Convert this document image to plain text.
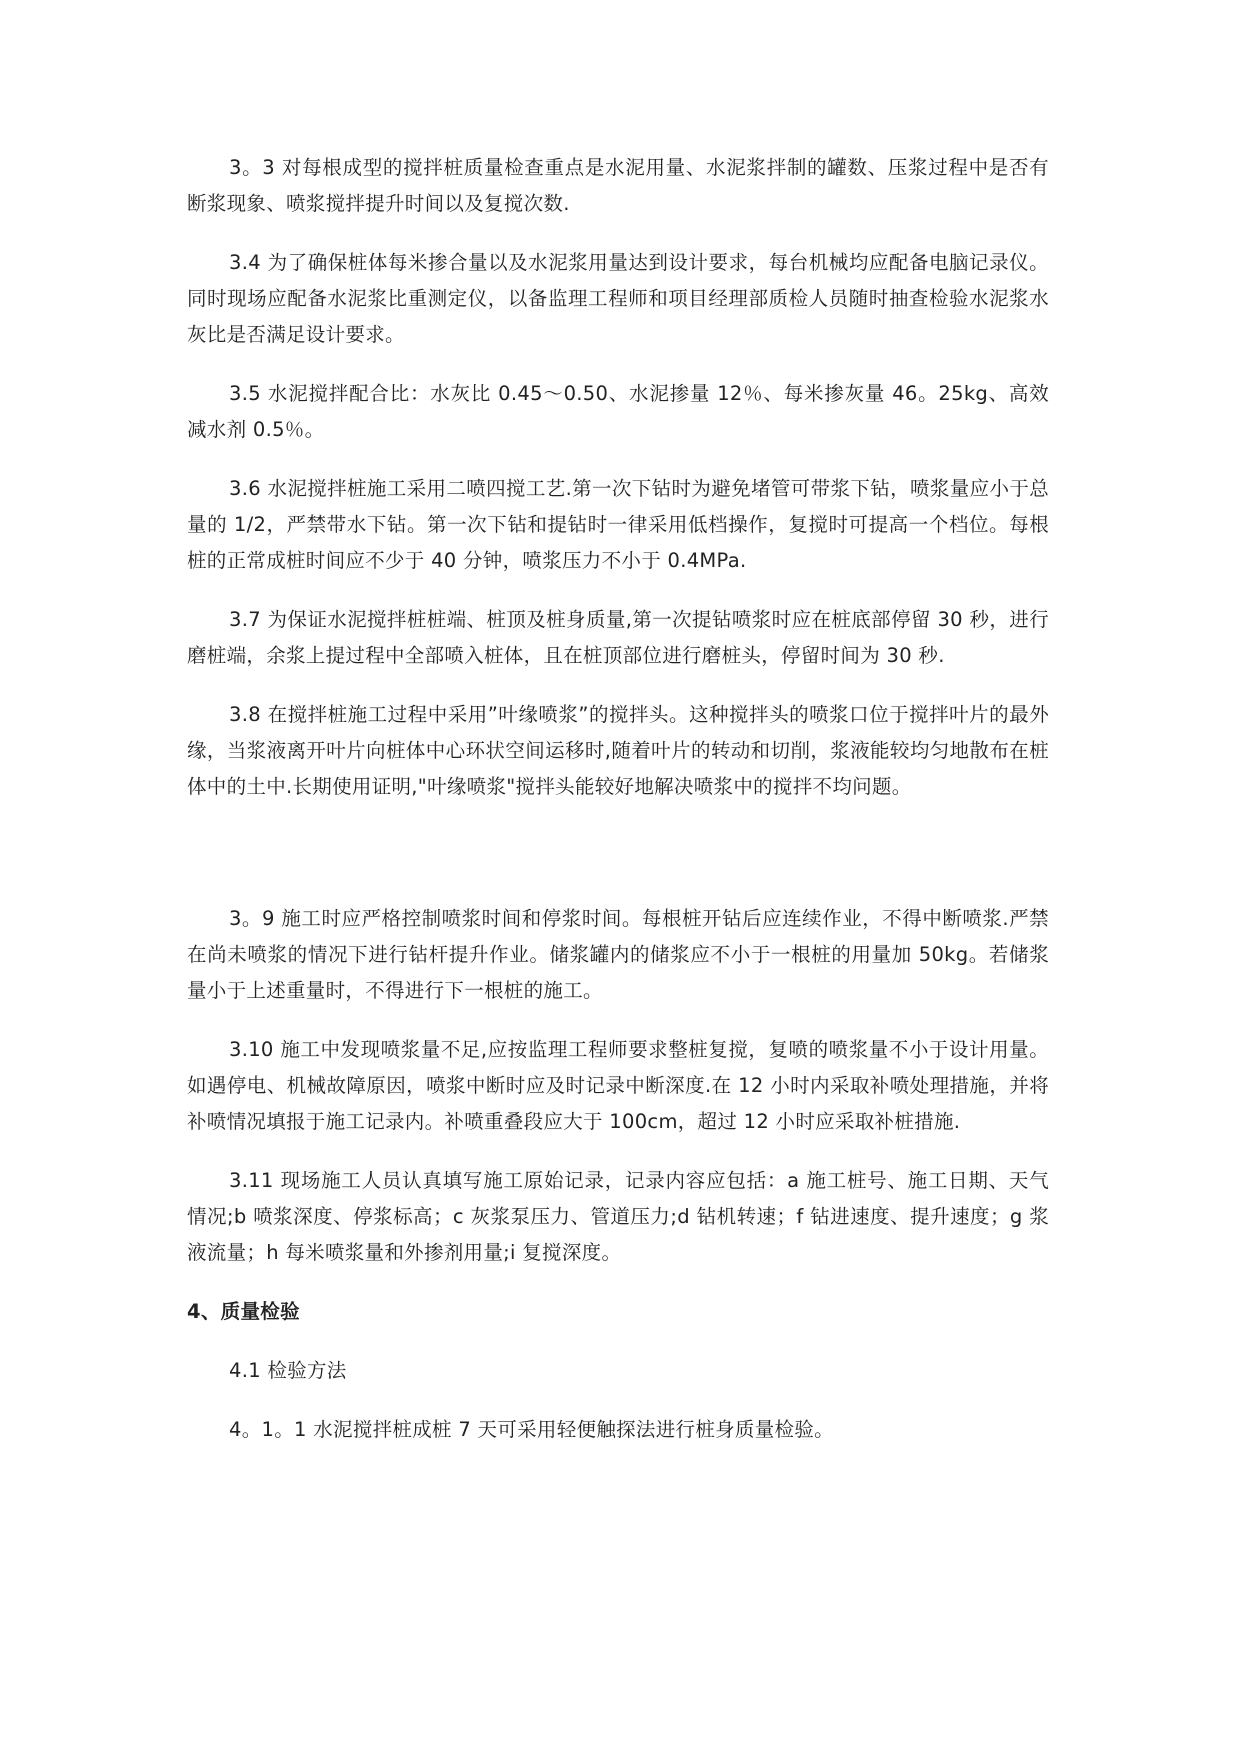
3。3 对每根成型的搅拌桩质量检查重点是水泥用量、水泥浆拌制的罐数、压浆过程中是否有断浆现象、喷浆搅拌提升时间以及复搅次数.

3.4 为了确保桩体每米掺合量以及水泥浆用量达到设计要求，每台机械均应配备电脑记录仪。同时现场应配备水泥浆比重测定仪，以备监理工程师和项目经理部质检人员随时抽查检验水泥浆水灰比是否满足设计要求。

3.5 水泥搅拌配合比：水灰比 0.45～0.50、水泥掺量 12％、每米掺灰量 46。25kg、高效减水剂 0.5％。

3.6 水泥搅拌桩施工采用二喷四搅工艺.第一次下钻时为避免堵管可带浆下钻，喷浆量应小于总量的 1/2，严禁带水下钻。第一次下钻和提钻时一律采用低档操作，复搅时可提高一个档位。每根桩的正常成桩时间应不少于 40 分钟，喷浆压力不小于 0.4MPa.

3.7 为保证水泥搅拌桩桩端、桩顶及桩身质量,第一次提钻喷浆时应在桩底部停留 30 秒，进行磨桩端，余浆上提过程中全部喷入桩体，且在桩顶部位进行磨桩头，停留时间为 30 秒.

3.8 在搅拌桩施工过程中采用”叶缘喷浆”的搅拌头。这种搅拌头的喷浆口位于搅拌叶片的最外缘，当浆液离开叶片向桩体中心环状空间运移时,随着叶片的转动和切削，浆液能较均匀地散布在桩体中的土中.长期使用证明,"叶缘喷浆"搅拌头能较好地解决喷浆中的搅拌不均问题。

3。9 施工时应严格控制喷浆时间和停浆时间。每根桩开钻后应连续作业，不得中断喷浆.严禁在尚未喷浆的情况下进行钻杆提升作业。储浆罐内的储浆应不小于一根桩的用量加 50kg。若储浆量小于上述重量时，不得进行下一根桩的施工。

3.10 施工中发现喷浆量不足,应按监理工程师要求整桩复搅，复喷的喷浆量不小于设计用量。如遇停电、机械故障原因，喷浆中断时应及时记录中断深度.在 12 小时内采取补喷处理措施，并将补喷情况填报于施工记录内。补喷重叠段应大于 100cm，超过 12 小时应采取补桩措施.

3.11 现场施工人员认真填写施工原始记录，记录内容应包括：a 施工桩号、施工日期、天气情况;b 喷浆深度、停浆标高；c 灰浆泵压力、管道压力;d 钻机转速；f 钻进速度、提升速度；g 浆液流量；h 每米喷浆量和外掺剂用量;i 复搅深度。

4、质量检验

4.1 检验方法

4。1。1 水泥搅拌桩成桩 7 天可采用轻便触探法进行桩身质量检验。
